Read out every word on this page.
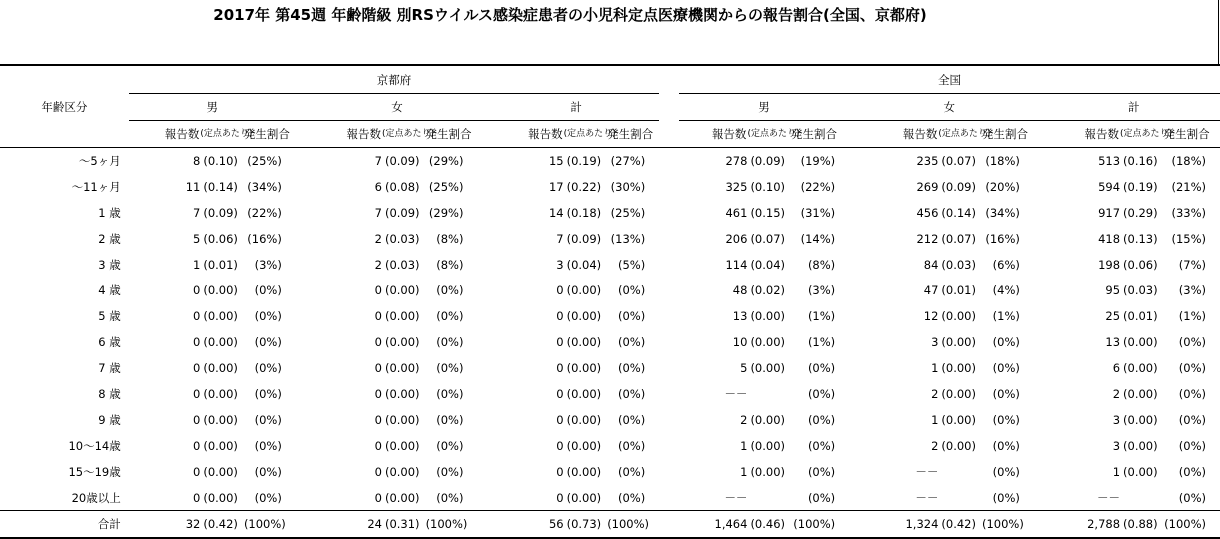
2017年 第45週 年齢階級 別RSウイルス感染症患者の小児科定点医療機関からの報告割合(全国、京都府)
年齢区分	京都府												全国										
	男				女				計				男				女				計		
	報告数	(定点あたり)	発生割合		報告数	(定点あたり)	発生割合		報告数	(定点あたり)	発生割合		報告数	(定点あたり)	発生割合		報告数	(定点あたり)	発生割合		報告数	(定点あたり)	発生割合
～5ヶ月	8	(0.10)	(25%)		7	(0.09)	(29%)		15	(0.19)	(27%)		278	(0.09)	(19%)		235	(0.07)	(18%)		513	(0.16)	(18%)
～11ヶ月	11	(0.14)	(34%)		6	(0.08)	(25%)		17	(0.22)	(30%)		325	(0.10)	(22%)		269	(0.09)	(20%)		594	(0.19)	(21%)
1 歳	7	(0.09)	(22%)		7	(0.09)	(29%)		14	(0.18)	(25%)		461	(0.15)	(31%)		456	(0.14)	(34%)		917	(0.29)	(33%)
2 歳	5	(0.06)	(16%)		2	(0.03)	(8%)		7	(0.09)	(13%)		206	(0.07)	(14%)		212	(0.07)	(16%)		418	(0.13)	(15%)
3 歳	1	(0.01)	(3%)		2	(0.03)	(8%)		3	(0.04)	(5%)		114	(0.04)	(8%)		84	(0.03)	(6%)		198	(0.06)	(7%)
4 歳	0	(0.00)	(0%)		0	(0.00)	(0%)		0	(0.00)	(0%)		48	(0.02)	(3%)		47	(0.01)	(4%)		95	(0.03)	(3%)
5 歳	0	(0.00)	(0%)		0	(0.00)	(0%)		0	(0.00)	(0%)		13	(0.00)	(1%)		12	(0.00)	(1%)		25	(0.01)	(1%)
6 歳	0	(0.00)	(0%)		0	(0.00)	(0%)		0	(0.00)	(0%)		10	(0.00)	(1%)		3	(0.00)	(0%)		13	(0.00)	(0%)
7 歳	0	(0.00)	(0%)		0	(0.00)	(0%)		0	(0.00)	(0%)		5	(0.00)	(0%)		1	(0.00)	(0%)		6	(0.00)	(0%)
8 歳	0	(0.00)	(0%)		0	(0.00)	(0%)		0	(0.00)	(0%)		－－		(0%)		2	(0.00)	(0%)		2	(0.00)	(0%)
9 歳	0	(0.00)	(0%)		0	(0.00)	(0%)		0	(0.00)	(0%)		2	(0.00)	(0%)		1	(0.00)	(0%)		3	(0.00)	(0%)
10～14歳	0	(0.00)	(0%)		0	(0.00)	(0%)		0	(0.00)	(0%)		1	(0.00)	(0%)		2	(0.00)	(0%)		3	(0.00)	(0%)
15～19歳	0	(0.00)	(0%)		0	(0.00)	(0%)		0	(0.00)	(0%)		1	(0.00)	(0%)		－－		(0%)		1	(0.00)	(0%)
20歳以上	0	(0.00)	(0%)		0	(0.00)	(0%)		0	(0.00)	(0%)		－－		(0%)		－－		(0%)		－－		(0%)
合計	32	(0.42)	(100%)		24	(0.31)	(100%)		56	(0.73)	(100%)		1,464	(0.46)	(100%)		1,324	(0.42)	(100%)		2,788	(0.88)	(100%)
